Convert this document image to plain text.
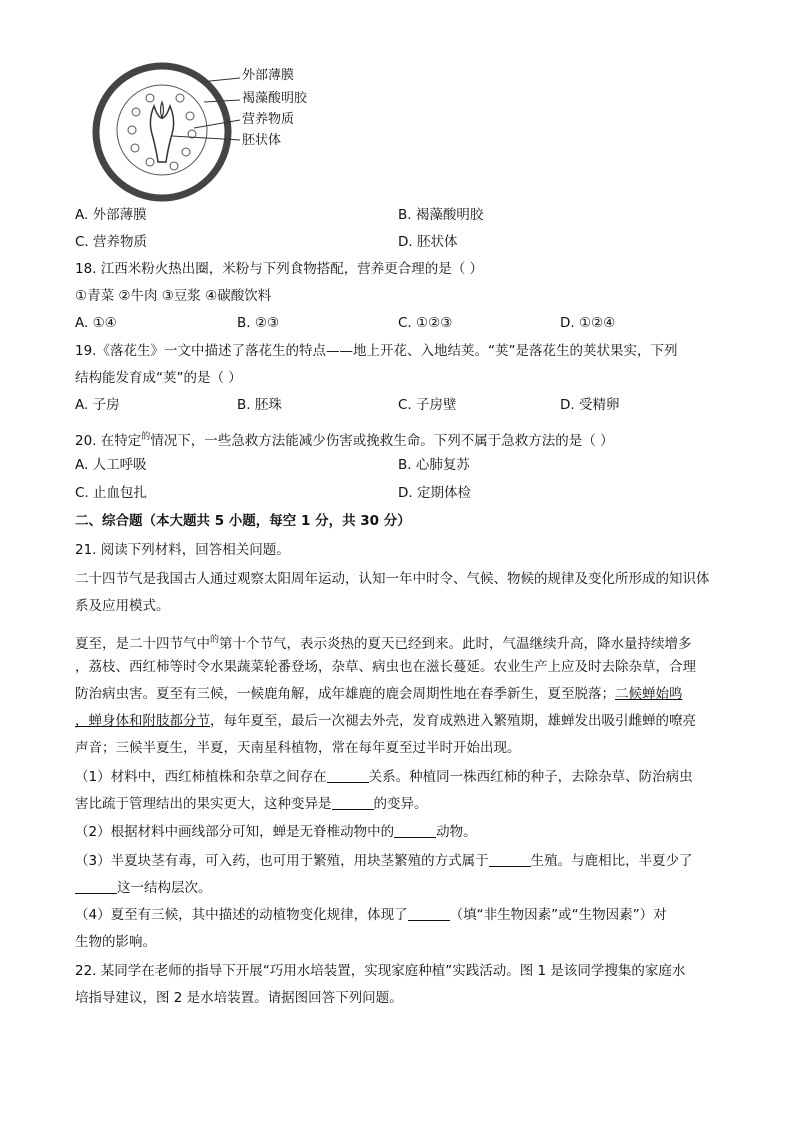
外部薄膜
褐藻酸明胶
营养物质
胚状体
A. 外部薄膜	B. 褐藻酸明胶
C. 营养物质	D. 胚状体
18. 江西米粉火热出圈，米粉与下列食物搭配，营养更合理的是（ ）
①青菜 ②牛肉 ③豆浆 ④碳酸饮料
A. ①④	B. ②③	C. ①②③	D. ①②④
19.《落花生》一文中描述了落花生的特点——地上开花、入地结荚。“荚”是落花生的荚状果实，下列
结构能发育成“荚”的是（ ）
A. 子房	B. 胚珠	C. 子房壁	D. 受精卵
20. 在特定$^的$情况下，一些急救方法能减少伤害或挽救生命。下列不属于急救方法的是（ ）
A. 人工呼吸	B. 心肺复苏
C. 止血包扎	D. 定期体检
二、综合题（本大题共 5 小题，每空 1 分，共 30 分）
21. 阅读下列材料，回答相关问题。
二十四节气是我国古人通过观察太阳周年运动，认知一年中时令、气候、物候的规律及变化所形成的知识体
系及应用模式。
夏至，是二十四节气中$^的$第十个节气，表示炎热的夏天已经到来。此时，气温继续升高，降水量持续增多
，荔枝、西红柿等时令水果蔬菜轮番登场，杂草、病虫也在滋长蔓延。农业生产上应及时去除杂草，合理
防治病虫害。夏至有三候，一候鹿角解，成年雄鹿的鹿会周期性地在春季新生，夏至脱落；二候蝉始鸣
，蝉身体和附肢都分节，每年夏至，最后一次褪去外壳，发育成熟进入繁殖期，雄蝉发出吸引雌蝉的嘹亮
声音；三候半夏生，半夏，天南星科植物，常在每年夏至过半时开始出现。
（1）材料中，西红柿植株和杂草之间存在	关系。种植同一株西红柿的种子，去除杂草、防治病虫
害比疏于管理结出的果实更大，这种变异是	的变异。
（2）根据材料中画线部分可知，蝉是无脊椎动物中的	动物。
（3）半夏块茎有毒，可入药，也可用于繁殖，用块茎繁殖的方式属于	生殖。与鹿相比，半夏少了
这一结构层次。
（4）夏至有三候，其中描述的动植物变化规律，体现了	（填“非生物因素”或“生物因素”）对
生物的影响。
22. 某同学在老师的指导下开展“巧用水培装置，实现家庭种植”实践活动。图 1 是该同学搜集的家庭水
培指导建议，图 2 是水培装置。请据图回答下列问题。
